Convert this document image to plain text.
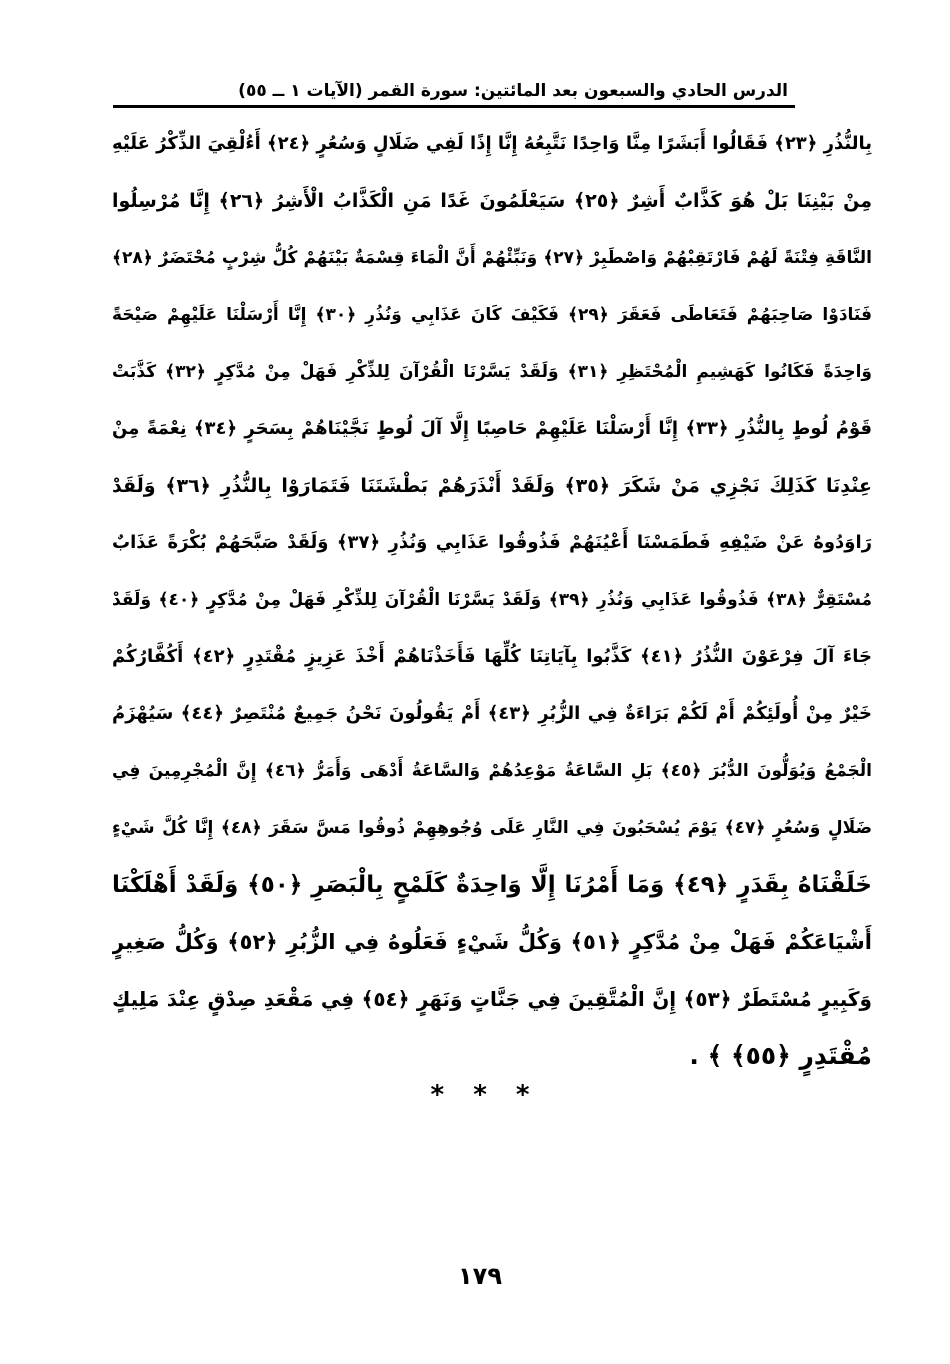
الدرس الحادي والسبعون بعد المائتين: سورة القمر (الآيات ١ ــ ٥٥)
بِالنُّذُرِ ﴿٢٣﴾ فَقَالُوا أَبَشَرًا مِنَّا وَاحِدًا نَتَّبِعُهُ إِنَّا إِذًا لَفِي ضَلَالٍ وَسُعُرٍ ﴿٢٤﴾ أَءُلْقِيَ الذِّكْرُ عَلَيْهِ
مِنْ بَيْنِنَا بَلْ هُوَ كَذَّابٌ أَشِرٌ ﴿٢٥﴾ سَيَعْلَمُونَ غَدًا مَنِ الْكَذَّابُ الْأَشِرُ ﴿٢٦﴾ إِنَّا مُرْسِلُوا
النَّاقَةِ فِتْنَةً لَهُمْ فَارْتَقِبْهُمْ وَاصْطَبِرْ ﴿٢٧﴾ وَنَبِّئْهُمْ أَنَّ الْمَاءَ قِسْمَةٌ بَيْنَهُمْ كُلُّ شِرْبٍ مُحْتَضَرٌ ﴿٢٨﴾
فَنَادَوْا صَاحِبَهُمْ فَتَعَاطَى فَعَقَرَ ﴿٢٩﴾ فَكَيْفَ كَانَ عَذَابِي وَنُذُرِ ﴿٣٠﴾ إِنَّا أَرْسَلْنَا عَلَيْهِمْ صَيْحَةً
وَاحِدَةً فَكَانُوا كَهَشِيمِ الْمُحْتَظِرِ ﴿٣١﴾ وَلَقَدْ يَسَّرْنَا الْقُرْآنَ لِلذِّكْرِ فَهَلْ مِنْ مُدَّكِرٍ ﴿٣٢﴾ كَذَّبَتْ
قَوْمُ لُوطٍ بِالنُّذُرِ ﴿٣٣﴾ إِنَّا أَرْسَلْنَا عَلَيْهِمْ حَاصِبًا إِلَّا آلَ لُوطٍ نَجَّيْنَاهُمْ بِسَحَرٍ ﴿٣٤﴾ نِعْمَةً مِنْ
عِنْدِنَا كَذَلِكَ نَجْزِي مَنْ شَكَرَ ﴿٣٥﴾ وَلَقَدْ أَنْذَرَهُمْ بَطْشَتَنَا فَتَمَارَوْا بِالنُّذُرِ ﴿٣٦﴾ وَلَقَدْ
رَاوَدُوهُ عَنْ ضَيْفِهِ فَطَمَسْنَا أَعْيُنَهُمْ فَذُوقُوا عَذَابِي وَنُذُرِ ﴿٣٧﴾ وَلَقَدْ صَبَّحَهُمْ بُكْرَةً عَذَابٌ
مُسْتَقِرٌّ ﴿٣٨﴾ فَذُوقُوا عَذَابِي وَنُذُرِ ﴿٣٩﴾ وَلَقَدْ يَسَّرْنَا الْقُرْآنَ لِلذِّكْرِ فَهَلْ مِنْ مُدَّكِرٍ ﴿٤٠﴾ وَلَقَدْ
جَاءَ آلَ فِرْعَوْنَ النُّذُرُ ﴿٤١﴾ كَذَّبُوا بِآيَاتِنَا كُلِّهَا فَأَخَذْنَاهُمْ أَخْذَ عَزِيزٍ مُقْتَدِرٍ ﴿٤٢﴾ أَكُفَّارُكُمْ
خَيْرٌ مِنْ أُولَئِكُمْ أَمْ لَكُمْ بَرَاءَةٌ فِي الزُّبُرِ ﴿٤٣﴾ أَمْ يَقُولُونَ نَحْنُ جَمِيعٌ مُنْتَصِرٌ ﴿٤٤﴾ سَيُهْزَمُ
الْجَمْعُ وَيُوَلُّونَ الدُّبُرَ ﴿٤٥﴾ بَلِ السَّاعَةُ مَوْعِدُهُمْ وَالسَّاعَةُ أَدْهَى وَأَمَرُّ ﴿٤٦﴾ إِنَّ الْمُجْرِمِينَ فِي
ضَلَالٍ وَسُعُرٍ ﴿٤٧﴾ يَوْمَ يُسْحَبُونَ فِي النَّارِ عَلَى وُجُوهِهِمْ ذُوقُوا مَسَّ سَقَرَ ﴿٤٨﴾ إِنَّا كُلَّ شَيْءٍ
خَلَقْنَاهُ بِقَدَرٍ ﴿٤٩﴾ وَمَا أَمْرُنَا إِلَّا وَاحِدَةٌ كَلَمْحٍ بِالْبَصَرِ ﴿٥٠﴾ وَلَقَدْ أَهْلَكْنَا
أَشْيَاعَكُمْ فَهَلْ مِنْ مُدَّكِرٍ ﴿٥١﴾ وَكُلُّ شَيْءٍ فَعَلُوهُ فِي الزُّبُرِ ﴿٥٢﴾ وَكُلُّ صَغِيرٍ
وَكَبِيرٍ مُسْتَطَرٌ ﴿٥٣﴾ إِنَّ الْمُتَّقِينَ فِي جَنَّاتٍ وَنَهَرٍ ﴿٥٤﴾ فِي مَقْعَدِ صِدْقٍ عِنْدَ مَلِيكٍ
مُقْتَدِرٍ ﴿٥٥﴾ ﴾ .
* * *
١٧٩
